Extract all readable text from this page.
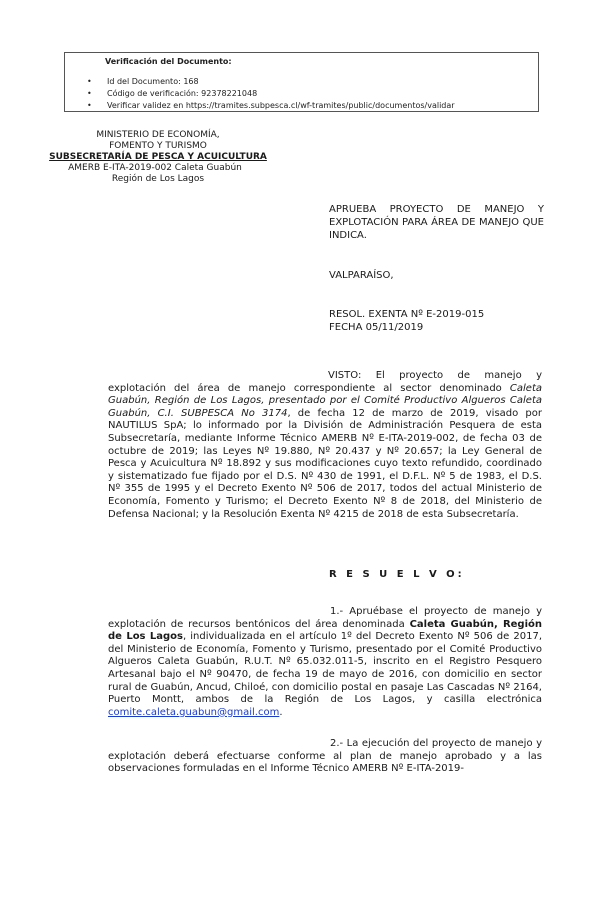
Verificación del Documento:
• Id del Documento: 168
• Código de verificación: 92378221048
• Verificar validez en https://tramites.subpesca.cl/wf-tramites/public/documentos/validar
MINISTERIO DE ECONOMÍA,
FOMENTO Y TURISMO
SUBSECRETARÍA DE PESCA Y ACUICULTURA
AMERB E-ITA-2019-002 Caleta Guabún
Región de Los Lagos
APRUEBA PROYECTO DE MANEJO Y EXPLOTACIÓN PARA ÁREA DE MANEJO QUE INDICA.
VALPARAÍSO,
RESOL. EXENTA Nº E-2019-015
FECHA 05/11/2019
VISTO: El proyecto de manejo y explotación del área de manejo correspondiente al sector denominado Caleta Guabún, Región de Los Lagos, presentado por el Comité Productivo Algueros Caleta Guabún, C.I. SUBPESCA No 3174, de fecha 12 de marzo de 2019, visado por NAUTILUS SpA; lo informado por la División de Administración Pesquera de esta Subsecretaría, mediante Informe Técnico AMERB Nº E-ITA-2019-002, de fecha 03 de octubre de 2019; las Leyes Nº 19.880, Nº 20.437 y Nº 20.657; la Ley General de Pesca y Acuicultura Nº 18.892 y sus modificaciones cuyo texto refundido, coordinado y sistematizado fue fijado por el D.S. Nº 430 de 1991, el D.F.L. Nº 5 de 1983, el D.S. Nº 355 de 1995 y el Decreto Exento Nº 506 de 2017, todos del actual Ministerio de Economía, Fomento y Turismo; el Decreto Exento Nº 8 de 2018, del Ministerio de Defensa Nacional; y la Resolución Exenta Nº 4215 de 2018 de esta Subsecretaría.
R E S U E L V O:
1.- Apruébase el proyecto de manejo y explotación de recursos bentónicos del área denominada Caleta Guabún, Región de Los Lagos, individualizada en el artículo 1º del Decreto Exento Nº 506 de 2017, del Ministerio de Economía, Fomento y Turismo, presentado por el Comité Productivo Algueros Caleta Guabún, R.U.T. Nº 65.032.011-5, inscrito en el Registro Pesquero Artesanal bajo el Nº 90470, de fecha 19 de mayo de 2016, con domicilio en sector rural de Guabún, Ancud, Chiloé, con domicilio postal en pasaje Las Cascadas Nº 2164, Puerto Montt, ambos de la Región de Los Lagos, y casilla electrónica comite.caleta.guabun@gmail.com.
2.- La ejecución del proyecto de manejo y explotación deberá efectuarse conforme al plan de manejo aprobado y a las observaciones formuladas en el Informe Técnico AMERB Nº E-ITA-2019-
